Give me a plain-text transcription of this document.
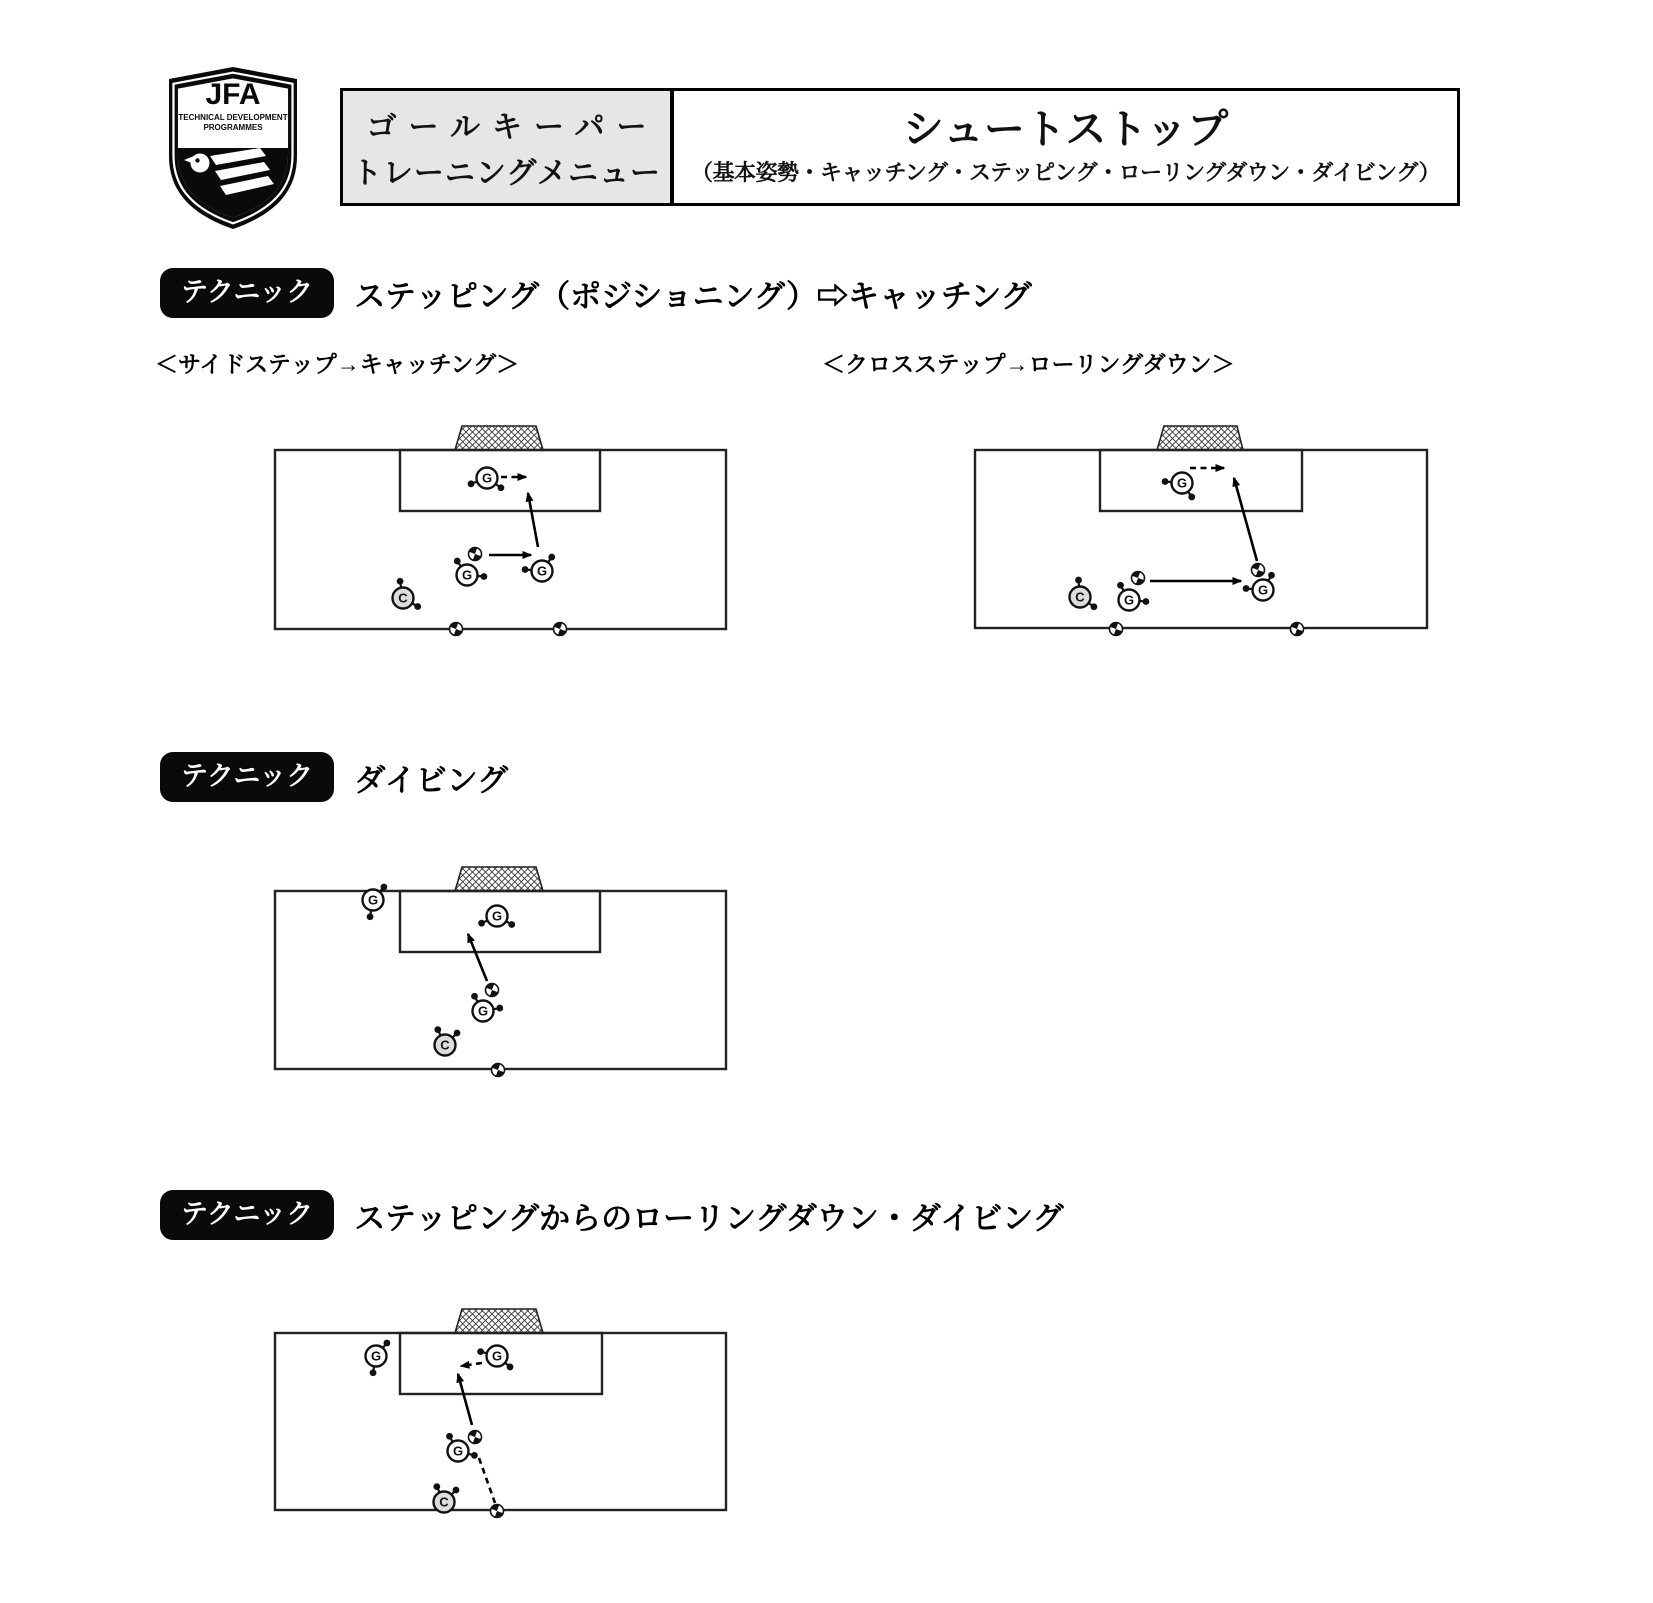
JFA
TECHNICAL DEVELOPMENT
PROGRAMMES	ゴールキーパー
トレーニングメニュー
シュートストップ
（基本姿勢・キャッチング・ステッピング・ローリングダウン・ダイビング）
テクニック	ステッピング（ポジショニング）⇨キャッチング
＜サイドステップ→キャッチング＞	＜クロスステップ→ローリングダウン＞
G
G	G
C
G
G
G
C
テクニック	ダイビング
G
G
G
C
テクニック	ステッピングからのローリングダウン・ダイビング
G	G
G
C
